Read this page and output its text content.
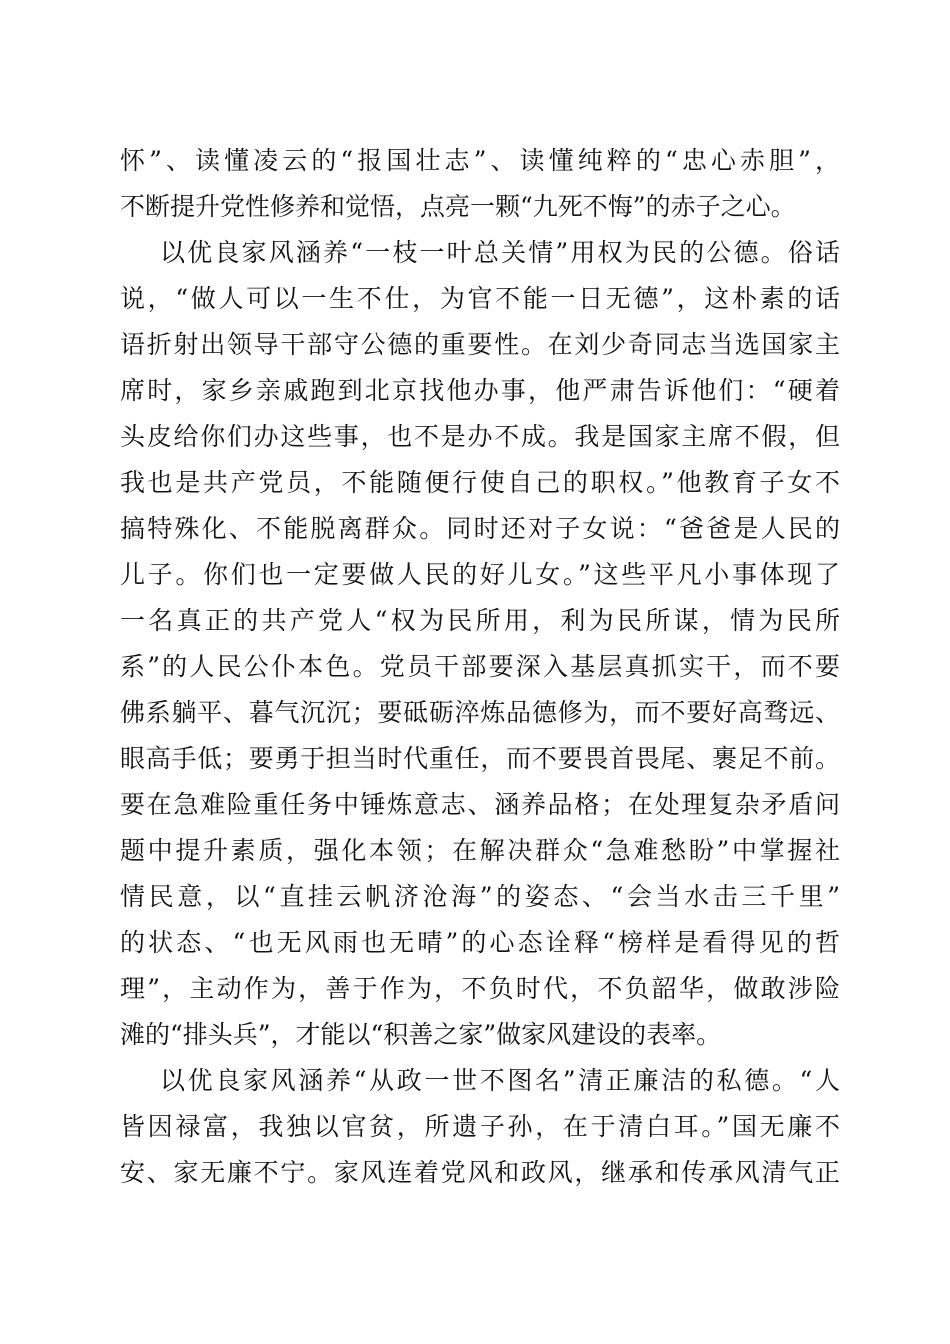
怀”、读懂凌云的“报国壮志”、读懂纯粹的“忠心赤胆”，
不断提升党性修养和觉悟，点亮一颗“九死不悔”的赤子之心。
以优良家风涵养“一枝一叶总关情”用权为民的公德。俗话
说，“做人可以一生不仕，为官不能一日无德”，这朴素的话
语折射出领导干部守公德的重要性。在刘少奇同志当选国家主
席时，家乡亲戚跑到北京找他办事，他严肃告诉他们：“硬着
头皮给你们办这些事，也不是办不成。我是国家主席不假，但
我也是共产党员，不能随便行使自己的职权。”他教育子女不
搞特殊化、不能脱离群众。同时还对子女说：“爸爸是人民的
儿子。你们也一定要做人民的好儿女。”这些平凡小事体现了
一名真正的共产党人“权为民所用，利为民所谋，情为民所
系”的人民公仆本色。党员干部要深入基层真抓实干，而不要
佛系躺平、暮气沉沉；要砥砺淬炼品德修为，而不要好高骛远、
眼高手低；要勇于担当时代重任，而不要畏首畏尾、裹足不前。
要在急难险重任务中锤炼意志、涵养品格；在处理复杂矛盾问
题中提升素质，强化本领；在解决群众“急难愁盼”中掌握社
情民意，以“直挂云帆济沧海”的姿态、“会当水击三千里”
的状态、“也无风雨也无晴”的心态诠释“榜样是看得见的哲
理”，主动作为，善于作为，不负时代，不负韶华，做敢涉险
滩的“排头兵”，才能以“积善之家”做家风建设的表率。
以优良家风涵养“从政一世不图名”清正廉洁的私德。“人
皆因禄富，我独以官贫，所遗子孙，在于清白耳。”国无廉不
安、家无廉不宁。家风连着党风和政风，继承和传承风清气正
